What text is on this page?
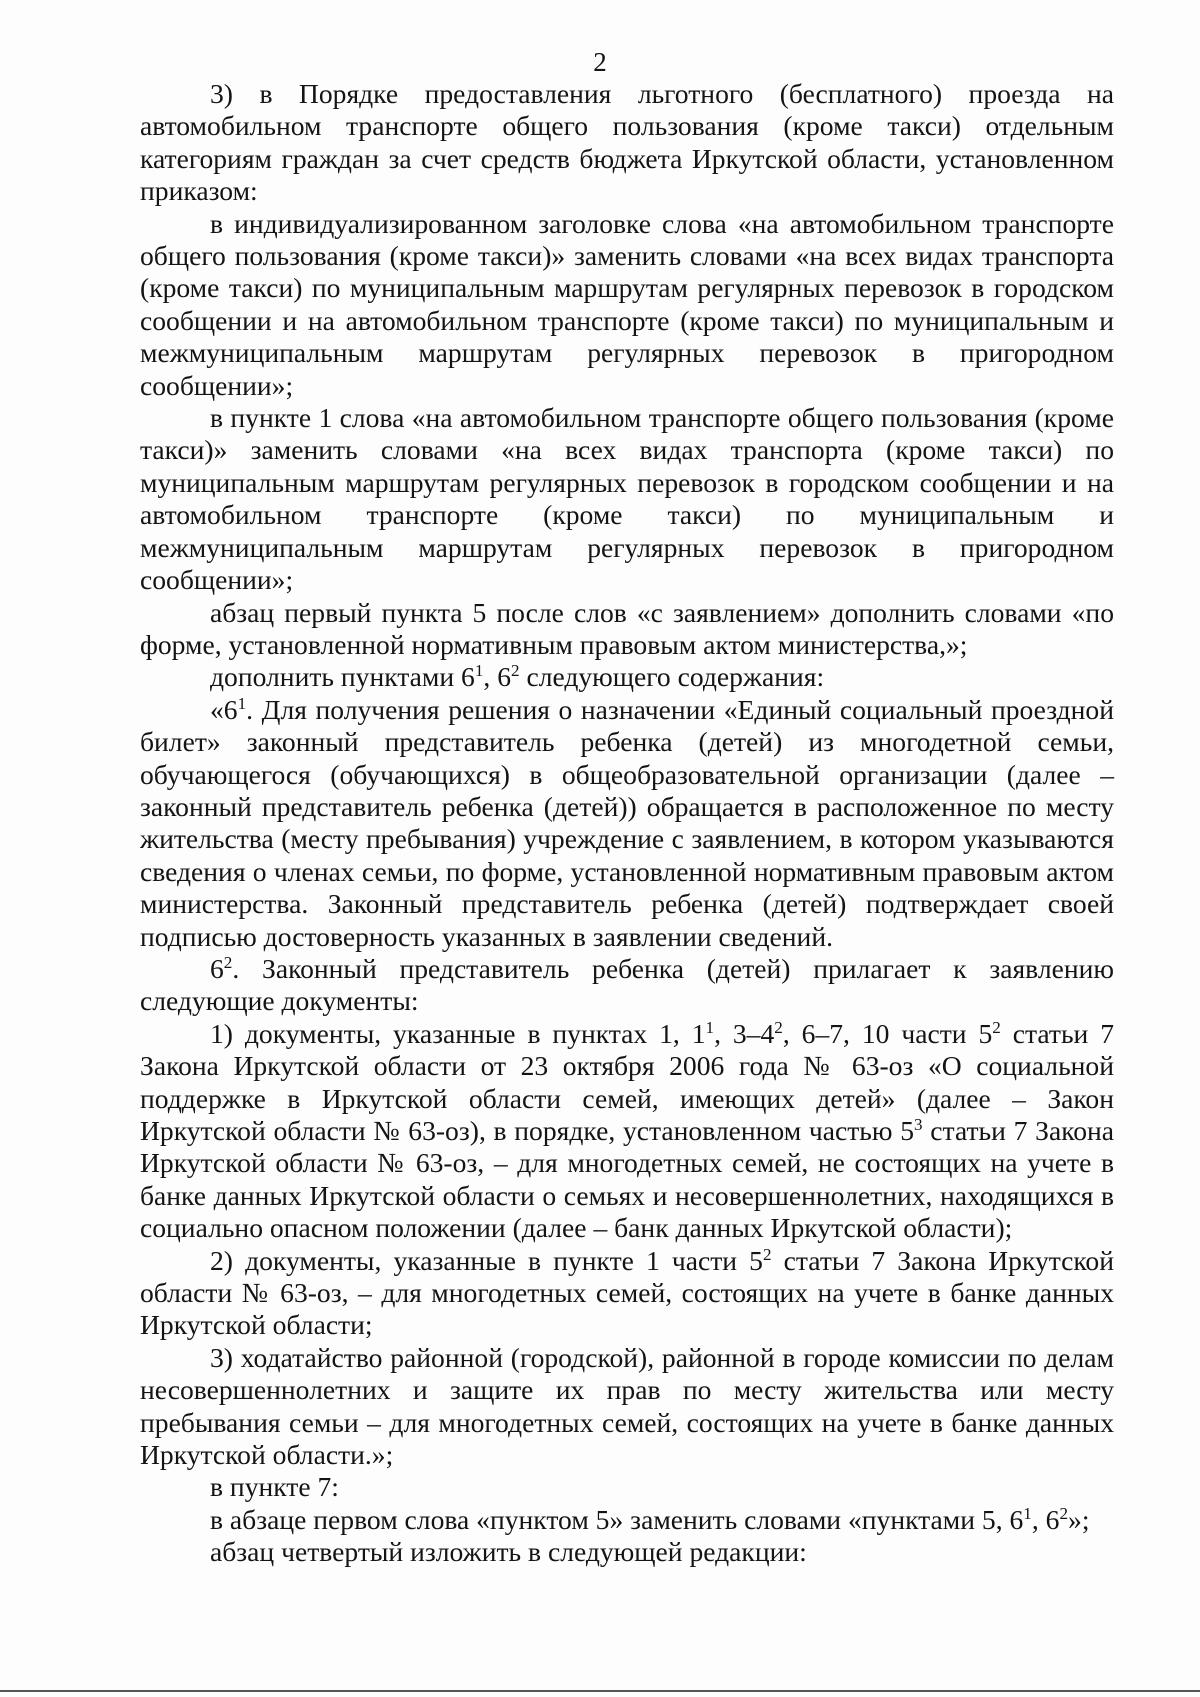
2

3) в Порядке предоставления льготного (бесплатного) проезда на автомобильном транспорте общего пользования (кроме такси) отдельным категориям граждан за счет средств бюджета Иркутской области, установленном приказом:

в индивидуализированном заголовке слова «на автомобильном транспорте общего пользования (кроме такси)» заменить словами «на всех видах транспорта (кроме такси) по муниципальным маршрутам регулярных перевозок в городском сообщении и на автомобильном транспорте (кроме такси) по муниципальным и межмуниципальным маршрутам регулярных перевозок в пригородном сообщении»;

в пункте 1 слова «на автомобильном транспорте общего пользования (кроме такси)» заменить словами «на всех видах транспорта (кроме такси) по муниципальным маршрутам регулярных перевозок в городском сообщении и на автомобильном транспорте (кроме такси) по муниципальным и межмуниципальным маршрутам регулярных перевозок в пригородном сообщении»;

абзац первый пункта 5 после слов «с заявлением» дополнить словами «по форме, установленной нормативным правовым актом министерства,»;

дополнить пунктами $6^1$, $6^2$ следующего содержания:

«$6^1$. Для получения решения о назначении «Единый социальный проездной билет» законный представитель ребенка (детей) из многодетной семьи, обучающегося (обучающихся) в общеобразовательной организации (далее – законный представитель ребенка (детей)) обращается в расположенное по месту жительства (месту пребывания) учреждение с заявлением, в котором указываются сведения о членах семьи, по форме, установленной нормативным правовым актом министерства. Законный представитель ребенка (детей) подтверждает своей подписью достоверность указанных в заявлении сведений.

$6^2$. Законный представитель ребенка (детей) прилагает к заявлению следующие документы:

1) документы, указанные в пунктах 1, $1^1$, $3-4^2$, 6–7, 10 части $5^2$ статьи 7 Закона Иркутской области от 23 октября 2006 года № 63-оз «О социальной поддержке в Иркутской области семей, имеющих детей» (далее – Закон Иркутской области № 63-оз), в порядке, установленном частью $5^3$ статьи 7 Закона Иркутской области № 63-оз, – для многодетных семей, не состоящих на учете в банке данных Иркутской области о семьях и несовершеннолетних, находящихся в социально опасном положении (далее – банк данных Иркутской области);

2) документы, указанные в пункте 1 части $5^2$ статьи 7 Закона Иркутской области № 63-оз, – для многодетных семей, состоящих на учете в банке данных Иркутской области;

3) ходатайство районной (городской), районной в городе комиссии по делам несовершеннолетних и защите их прав по месту жительства или месту пребывания семьи – для многодетных семей, состоящих на учете в банке данных Иркутской области.»;

в пункте 7:

в абзаце первом слова «пунктом 5» заменить словами «пунктами 5, $6^1$, $6^2$»;

абзац четвертый изложить в следующей редакции:
